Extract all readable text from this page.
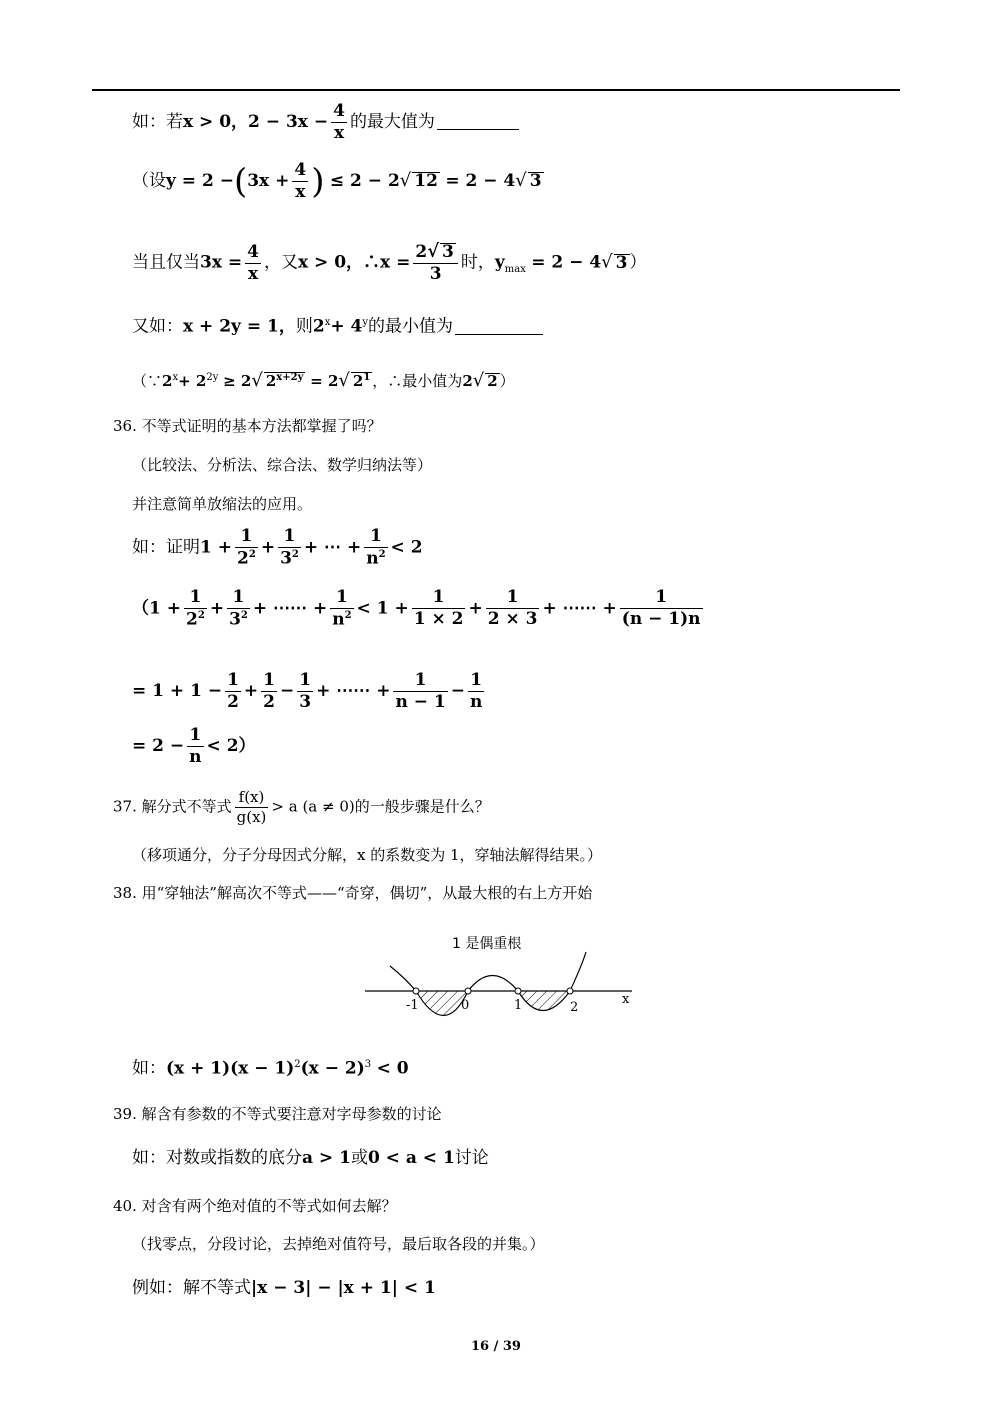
如：若x > 0，$2 - 3x - \frac{4}{x}$ 的最大值为
（设$y = 2 -(3x + \frac{4}{x}$ ) ≤ 2 − 2√ 12 = 2 − 4√ 3
当且仅当$3x = \frac{4}{x}$ ，又x > 0，∴x = $\frac{2√ 3}{3}$ 时，$y_{max} = 2 - 4√$ 3 ）
又如：x + 2y = 1，则$2^x+ 4^y$的最小值为
（$\because 2^x+ 2^{2y} \ge 2√$ $2^{x+2y} = 2√$ $2^1$ ，∴最小值为2√ 2 ）
36. 不等式证明的基本方法都掌握了吗？
（比较法、分析法、综合法、数学归纳法等）
并注意简单放缩法的应用。
如：证明$1 + \frac{1}{2^2} + \frac{1}{3^2}$ + ⋯ + $\frac{1}{n^2} < 2$
（$1 + \frac{1}{2^2} + \frac{1}{3^2}$ + ⋯⋯ + $\frac{1}{n^2} < 1 + \frac{1}{1 \times 2} + \frac{1}{2 \times 3}$ + ⋯⋯ + $\frac{1}{(n - 1)n}$
= $1 + 1 - \frac{1}{2} + \frac{1}{2} - \frac{1}{3}$ + ⋯⋯ + $\frac{1}{n - 1} - \frac{1}{n}$
= $2 - \frac{1}{n} < 2$）
37. 解分式不等式 $\frac{f(x)}{g(x)} > a$ (a ≠ 0)的一般步骤是什么？
（移项通分，分子分母因式分解，x 的系数变为 1，穿轴法解得结果。）
38. 用“穿轴法”解高次不等式——“奇穿，偶切”，从最大根的右上方开始
1 是偶重根
-1	0	1	2
x
如：$(x + 1)(x - 1)^2(x - 2)^3 < 0$
39. 解含有参数的不等式要注意对字母参数的讨论
如：对数或指数的底分a > 1或0 < a < 1讨论
40. 对含有两个绝对值的不等式如何去解？
（找零点，分段讨论，去掉绝对值符号，最后取各段的并集。）
例如：解不等式|x − 3| − |x + 1| < 1
16 / 39
